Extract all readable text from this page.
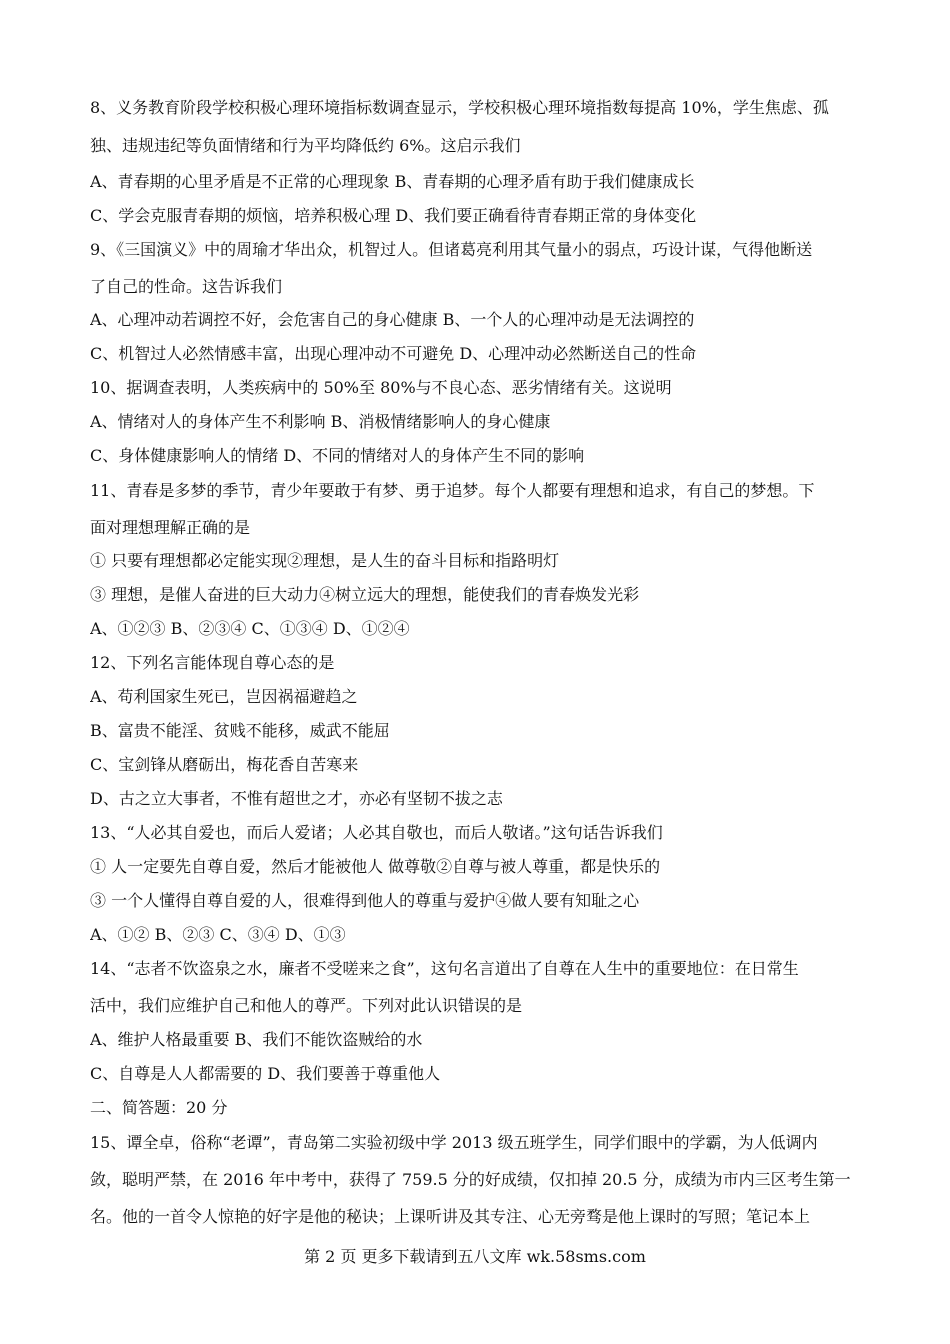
8、义务教育阶段学校积极心理环境指标数调查显示，学校积极心理环境指数每提高 10%，学生焦虑、孤
独、违规违纪等负面情绪和行为平均降低约 6%。这启示我们
A、青春期的心里矛盾是不正常的心理现象 B、青春期的心理矛盾有助于我们健康成长
C、学会克服青春期的烦恼，培养积极心理 D、我们要正确看待青春期正常的身体变化
9、《三国演义》中的周瑜才华出众，机智过人。但诸葛亮利用其气量小的弱点，巧设计谋，气得他断送
了自己的性命。这告诉我们
A、心理冲动若调控不好，会危害自己的身心健康 B、一个人的心理冲动是无法调控的
C、机智过人必然情感丰富，出现心理冲动不可避免 D、心理冲动必然断送自己的性命
10、据调查表明，人类疾病中的 50%至 80%与不良心态、恶劣情绪有关。这说明
A、情绪对人的身体产生不利影响 B、消极情绪影响人的身心健康
C、身体健康影响人的情绪 D、不同的情绪对人的身体产生不同的影响
11、青春是多梦的季节，青少年要敢于有梦、勇于追梦。每个人都要有理想和追求，有自己的梦想。下
面对理想理解正确的是
① 只要有理想都必定能实现②理想，是人生的奋斗目标和指路明灯
③ 理想，是催人奋进的巨大动力④树立远大的理想，能使我们的青春焕发光彩
A、①②③ B、②③④ C、①③④ D、①②④
12、下列名言能体现自尊心态的是
A、苟利国家生死已，岂因祸福避趋之
B、富贵不能淫、贫贱不能移，威武不能屈
C、宝剑锋从磨砺出，梅花香自苦寒来
D、古之立大事者，不惟有超世之才，亦必有坚韧不拔之志
13、“人必其自爱也，而后人爱诸；人必其自敬也，而后人敬诸。”这句话告诉我们
① 人一定要先自尊自爱，然后才能被他人 做尊敬②自尊与被人尊重，都是快乐的
③ 一个人懂得自尊自爱的人，很难得到他人的尊重与爱护④做人要有知耻之心
A、①② B、②③ C、③④ D、①③
14、“志者不饮盗泉之水，廉者不受嗟来之食”，这句名言道出了自尊在人生中的重要地位：在日常生
活中，我们应维护自己和他人的尊严。下列对此认识错误的是
A、维护人格最重要 B、我们不能饮盗贼给的水
C、自尊是人人都需要的 D、我们要善于尊重他人
二、简答题：20 分
15、谭全卓，俗称“老谭”，青岛第二实验初级中学 2013 级五班学生，同学们眼中的学霸，为人低调内
敛，聪明严禁，在 2016 年中考中，获得了 759.5 分的好成绩，仅扣掉 20.5 分，成绩为市内三区考生第一
名。他的一首令人惊艳的好字是他的秘诀；上课听讲及其专注、心无旁骛是他上课时的写照；笔记本上
第 2 页 更多下载请到五八文库 wk.58sms.com
